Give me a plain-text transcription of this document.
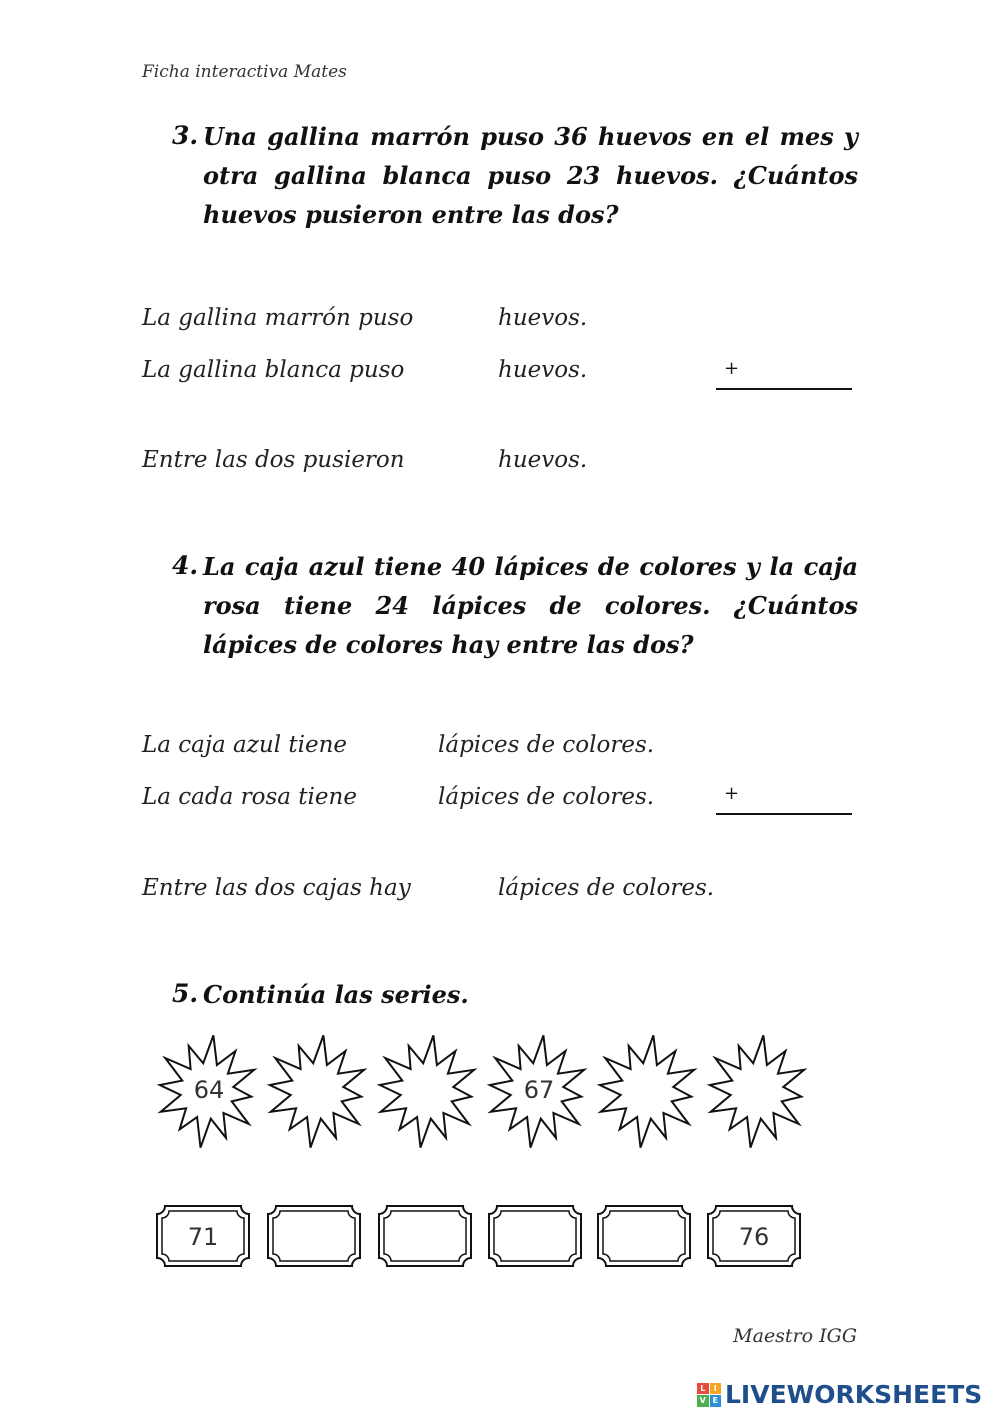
Ficha interactiva Mates
3. Una gallina marrón puso 36 huevos en el mes y otra gallina blanca puso 23 huevos. ¿Cuántos huevos pusieron entre las dos?
La gallina marrón puso	huevos.
La gallina blanca puso	huevos.	+
Entre las dos pusieron	huevos.
4. La caja azul tiene 40 lápices de colores y la caja rosa tiene 24 lápices de colores. ¿Cuántos lápices de colores hay entre las dos?
La caja azul tiene	lápices de colores.
La cada rosa tiene	lápices de colores.	+
Entre las dos cajas hay	lápices de colores.
5. Continúa las series.
64	67
71	76
Maestro IGG
L	I
V E LIVEWORKSHEETS
